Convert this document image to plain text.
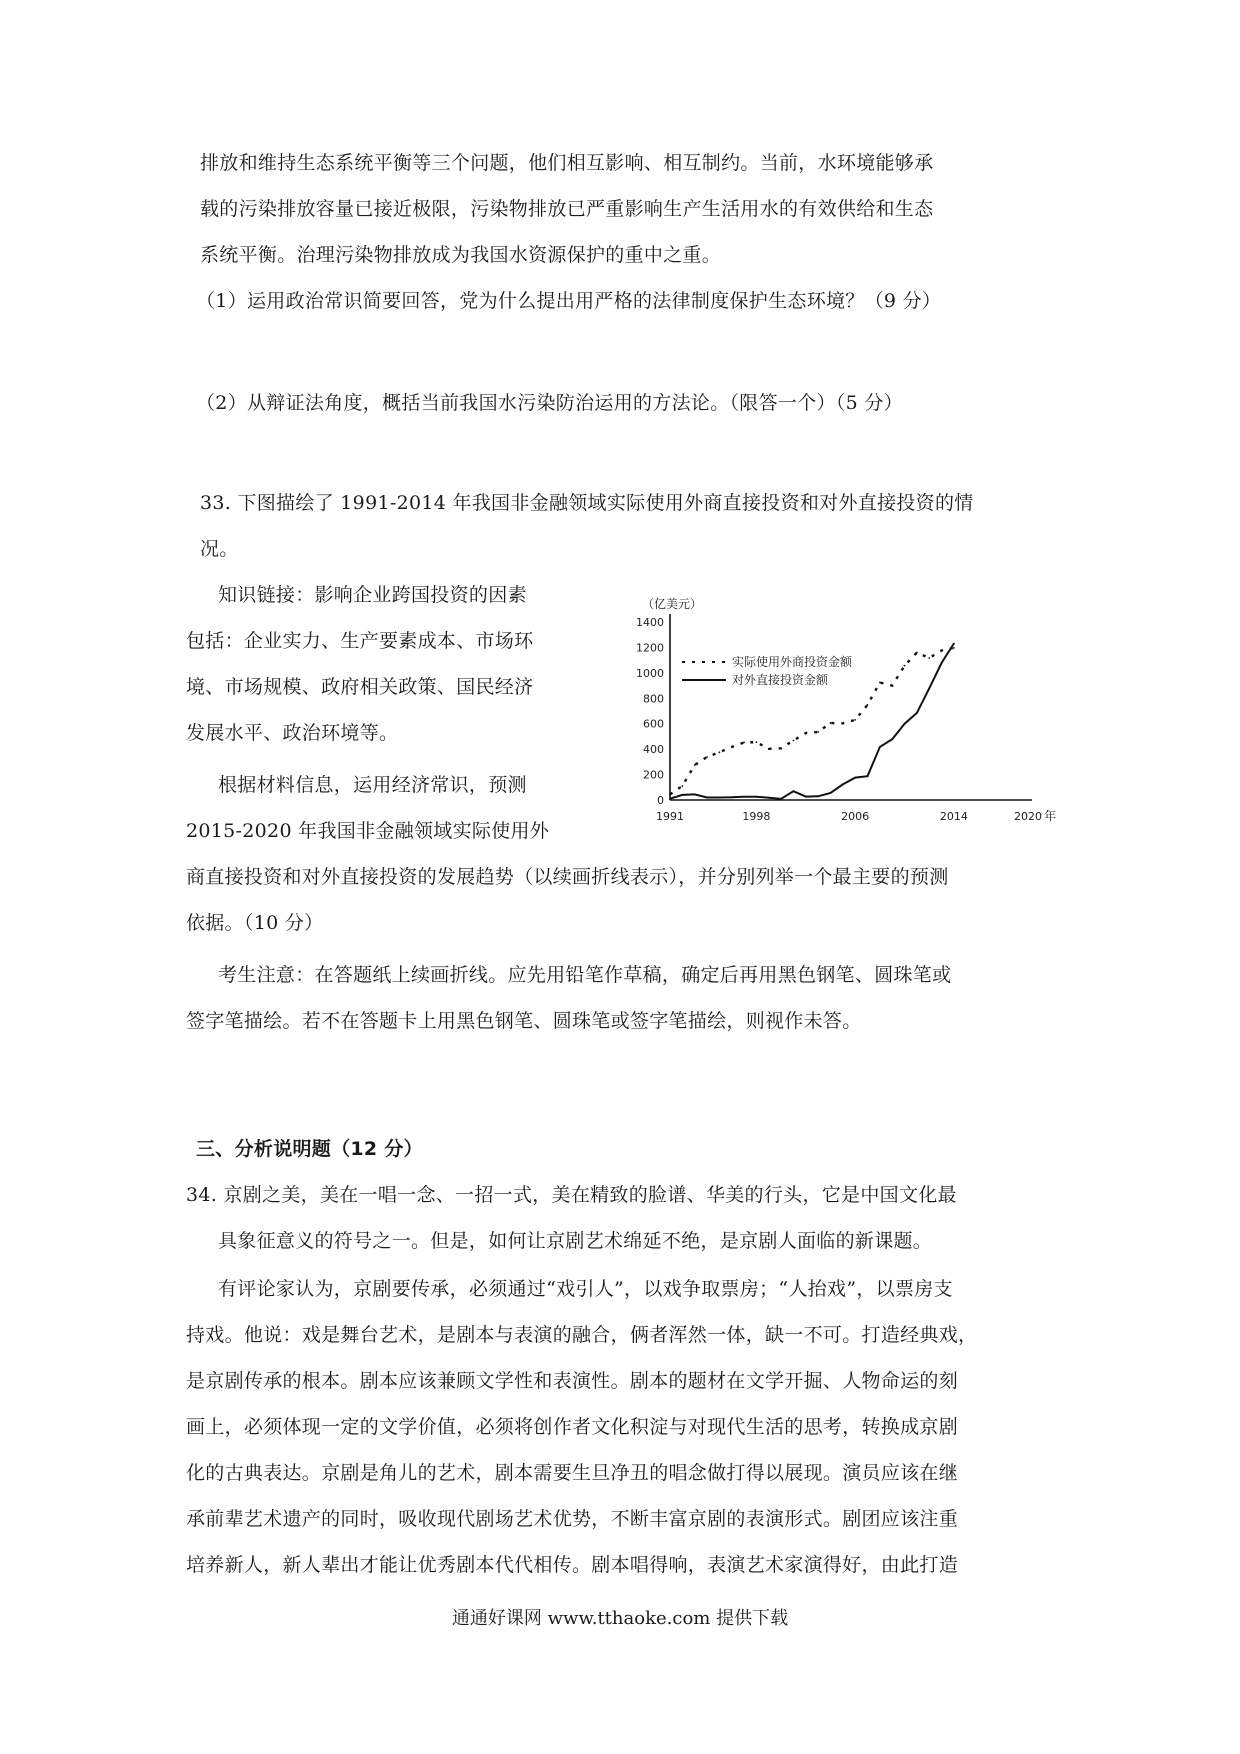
排放和维持生态系统平衡等三个问题，他们相互影响、相互制约。当前，水环境能够承
载的污染排放容量已接近极限，污染物排放已严重影响生产生活用水的有效供给和生态
系统平衡。治理污染物排放成为我国水资源保护的重中之重。
（1）运用政治常识简要回答，党为什么提出用严格的法律制度保护生态环境？（9 分）
（2）从辩证法角度，概括当前我国水污染防治运用的方法论。（限答一个）（5 分）
33. 下图描绘了 1991-2014 年我国非金融领域实际使用外商直接投资和对外直接投资的情
况。
知识链接：影响企业跨国投资的因素
包括：企业实力、生产要素成本、市场环
境、市场规模、政府相关政策、国民经济
发展水平、政治环境等。
根据材料信息，运用经济常识，预测
2015-2020 年我国非金融领域实际使用外
商直接投资和对外直接投资的发展趋势（以续画折线表示），并分别列举一个最主要的预测
依据。（10 分）
考生注意：在答题纸上续画折线。应先用铅笔作草稿，确定后再用黑色钢笔、圆珠笔或
签字笔描绘。若不在答题卡上用黑色钢笔、圆珠笔或签字笔描绘，则视作未答。
（亿美元）
0
200
400
600
800
1000
1200
1400
1991	1998	2006	2014	2020 年
实际使用外商投资金额
对外直接投资金额
三、分析说明题（12 分）
34. 京剧之美，美在一唱一念、一招一式，美在精致的脸谱、华美的行头，它是中国文化最
具象征意义的符号之一。但是，如何让京剧艺术绵延不绝，是京剧人面临的新课题。
有评论家认为，京剧要传承，必须通过“戏引人”，以戏争取票房；“人抬戏”，以票房支
持戏。他说：戏是舞台艺术，是剧本与表演的融合，俩者浑然一体，缺一不可。打造经典戏，
是京剧传承的根本。剧本应该兼顾文学性和表演性。剧本的题材在文学开掘、人物命运的刻
画上，必须体现一定的文学价值，必须将创作者文化积淀与对现代生活的思考，转换成京剧
化的古典表达。京剧是角儿的艺术，剧本需要生旦净丑的唱念做打得以展现。演员应该在继
承前辈艺术遗产的同时，吸收现代剧场艺术优势，不断丰富京剧的表演形式。剧团应该注重
培养新人，新人辈出才能让优秀剧本代代相传。剧本唱得响，表演艺术家演得好，由此打造
通通好课网 www.tthaoke.com 提供下载
